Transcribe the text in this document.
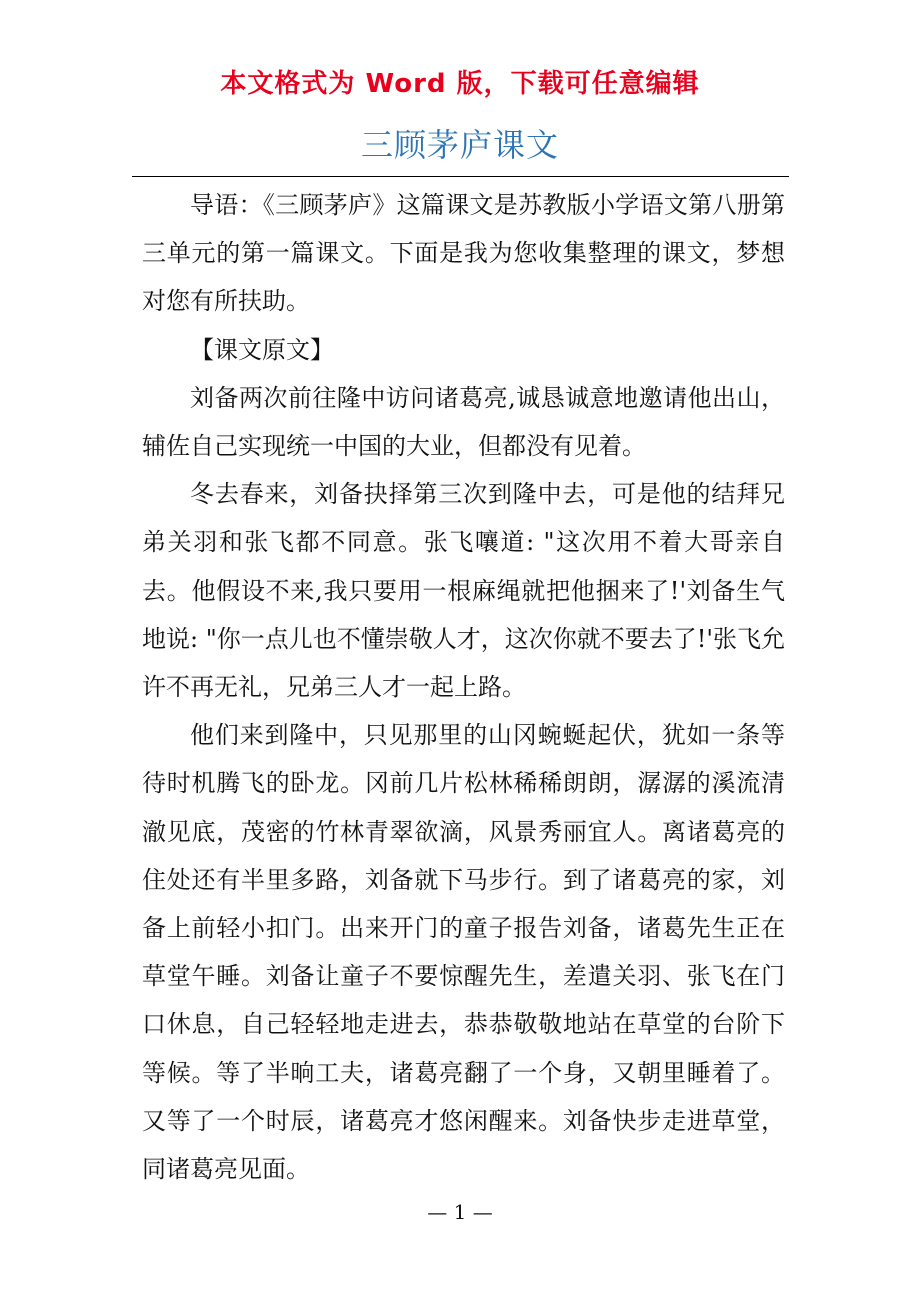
本文格式为 Word 版，下载可任意编辑
三顾茅庐课文

导语：《三顾茅庐》这篇课文是苏教版小学语文第八册第三单元的第一篇课文。下面是我为您收集整理的课文，梦想对您有所扶助。

【课文原文】

刘备两次前往隆中访问诸葛亮,诚恳诚意地邀请他出山，辅佐自己实现统一中国的大业，但都没有见着。

冬去春来，刘备抉择第三次到隆中去，可是他的结拜兄弟关羽和张飞都不同意。张飞嚷道: "这次用不着大哥亲自去。他假设不来,我只要用一根麻绳就把他捆来了!'刘备生气地说: "你一点儿也不懂崇敬人才，这次你就不要去了!'张飞允许不再无礼，兄弟三人才一起上路。

他们来到隆中，只见那里的山冈蜿蜒起伏，犹如一条等待时机腾飞的卧龙。冈前几片松林稀稀朗朗，潺潺的溪流清澈见底，茂密的竹林青翠欲滴，风景秀丽宜人。离诸葛亮的住处还有半里多路，刘备就下马步行。到了诸葛亮的家，刘备上前轻小扣门。出来开门的童子报告刘备，诸葛先生正在草堂午睡。刘备让童子不要惊醒先生，差遣关羽、张飞在门口休息，自己轻轻地走进去，恭恭敬敬地站在草堂的台阶下等候。等了半晌工夫，诸葛亮翻了一个身，又朝里睡着了。又等了一个时辰，诸葛亮才悠闲醒来。刘备快步走进草堂，同诸葛亮见面。

— 1 —
